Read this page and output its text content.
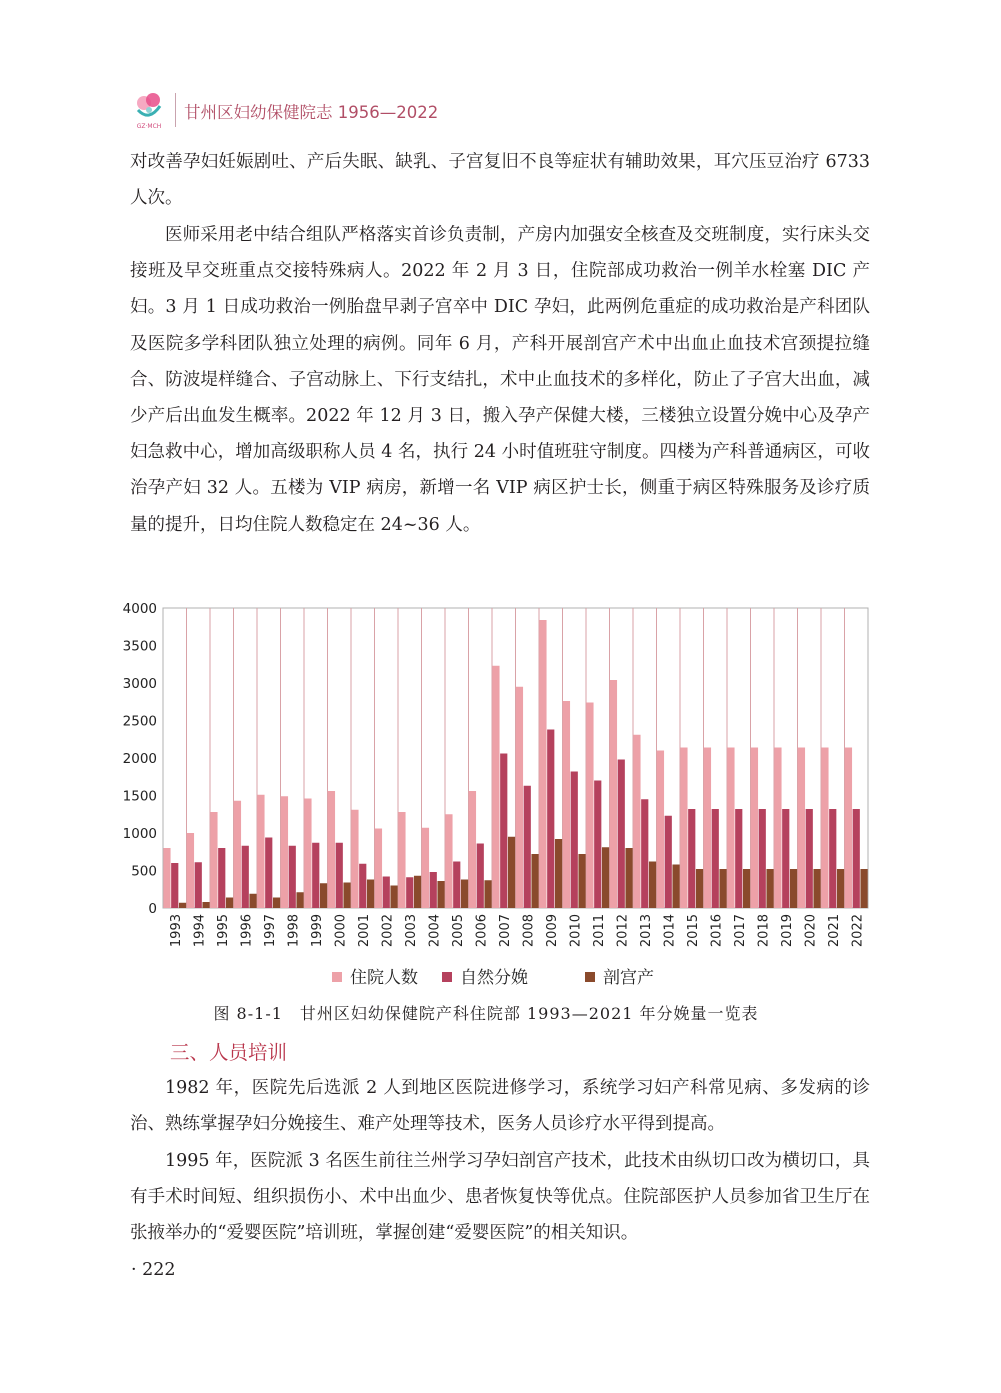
GZ·MCH
甘州区妇幼保健院志 1956—2022

对改善孕妇妊娠剧吐、产后失眠、缺乳、子宫复旧不良等症状有辅助效果，耳穴压豆治疗 6733 人次。

医师采用老中结合组队严格落实首诊负责制，产房内加强安全核查及交班制度，实行床头交接班及早交班重点交接特殊病人。2022 年 2 月 3 日，住院部成功救治一例羊水栓塞 DIC 产妇。3 月 1 日成功救治一例胎盘早剥子宫卒中 DIC 孕妇，此两例危重症的成功救治是产科团队及医院多学科团队独立处理的病例。同年 6 月，产科开展剖宫产术中出血止血技术宫颈提拉缝合、防波堤样缝合、子宫动脉上、下行支结扎，术中止血技术的多样化，防止了子宫大出血，减少产后出血发生概率。2022 年 12 月 3 日，搬入孕产保健大楼，三楼独立设置分娩中心及孕产妇急救中心，增加高级职称人员 4 名，执行 24 小时值班驻守制度。四楼为产科普通病区，可收治孕产妇 32 人。五楼为 VIP 病房，新增一名 VIP 病区护士长，侧重于病区特殊服务及诊疗质量的提升，日均住院人数稳定在 24~36 人。

0
500
1000
1500
2000
2500
3000
3500
4000
1993 1994 1995 1996 1997 1998 1999 2000 2001 2002 2003 2004 2005 2006 2007 2008 2009 2010 2011 2012 2013 2014 2015 2016 2017 2018 2019 2020 2021 2022
住院人数 自然分娩	剖宫产
图 8-1-1　甘州区妇幼保健院产科住院部 1993—2021 年分娩量一览表
三、人员培训

1982 年，医院先后选派 2 人到地区医院进修学习，系统学习妇产科常见病、多发病的诊治、熟练掌握孕妇分娩接生、难产处理等技术，医务人员诊疗水平得到提高。

1995 年，医院派 3 名医生前往兰州学习孕妇剖宫产技术，此技术由纵切口改为横切口，具有手术时间短、组织损伤小、术中出血少、患者恢复快等优点。住院部医护人员参加省卫生厅在张掖举办的“爱婴医院”培训班，掌握创建“爱婴医院”的相关知识。

· 222
